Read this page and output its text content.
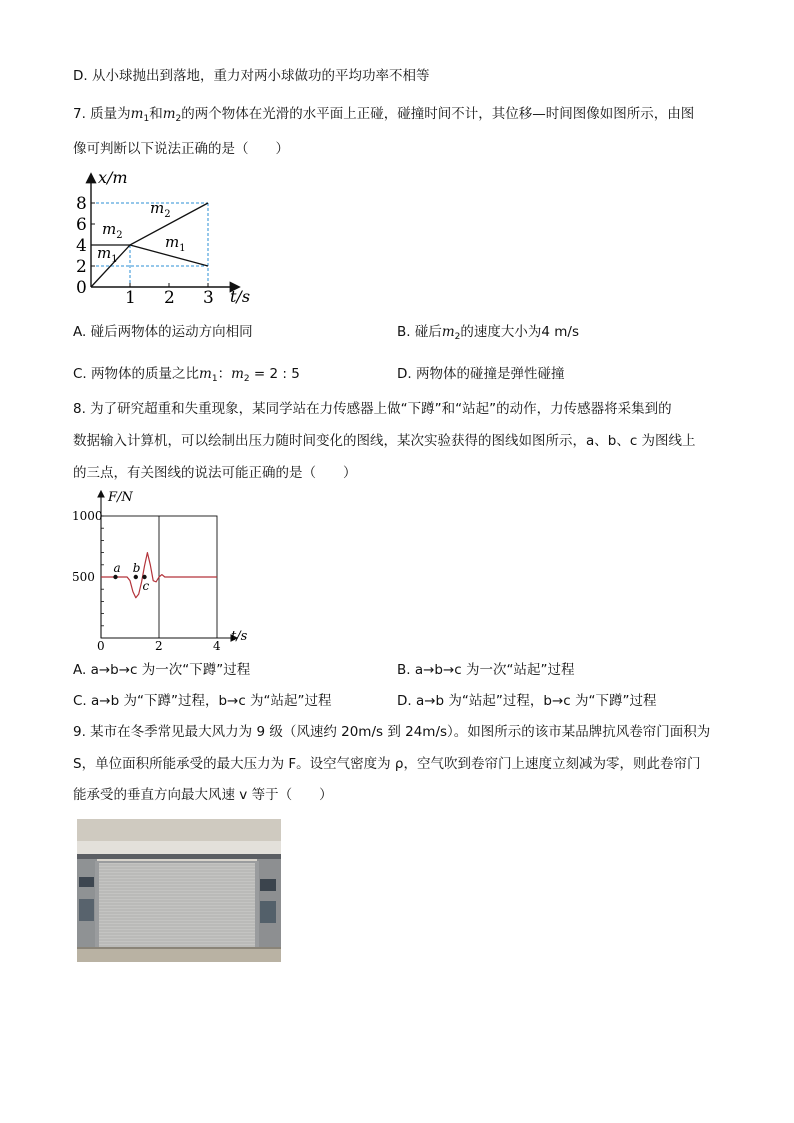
D. 从小球抛出到落地，重力对两小球做功的平均功率不相等
7. 质量为$m_1$和$m_2$的两个物体在光滑的水平面上正碰，碰撞时间不计，其位移—时间图像如图所示，由图
像可判断以下说法正确的是（　　）
2
4
6
8
1 2 3
x/m
t/s
0
$m_2$
$m_2$	$m_1$
$m_1$
A. 碰后两物体的运动方向相同	B. 碰后$m_2$的速度大小为4 m/s
C. 两物体的质量之比$m_1$：$m_2 = 2$ : 5	D. 两物体的碰撞是弹性碰撞
8. 为了研究超重和失重现象，某同学站在力传感器上做“下蹲”和“站起”的动作，力传感器将采集到的
数据输入计算机，可以绘制出压力随时间变化的图线，某次实验获得的图线如图所示，a、b、c 为图线上
的三点，有关图线的说法可能正确的是（　　）
500
1000
0	2	4
a b
c
F/N
t/s
A. a→b→c 为一次“下蹲”过程	B. a→b→c 为一次“站起”过程
C. a→b 为“下蹲”过程，b→c 为“站起”过程	D. a→b 为“站起”过程，b→c 为“下蹲”过程
9. 某市在冬季常见最大风力为 9 级（风速约 20m/s 到 24m/s）。如图所示的该市某品牌抗风卷帘门面积为
S，单位面积所能承受的最大压力为 F。设空气密度为 ρ，空气吹到卷帘门上速度立刻减为零，则此卷帘门
能承受的垂直方向最大风速 v 等于（　　）
